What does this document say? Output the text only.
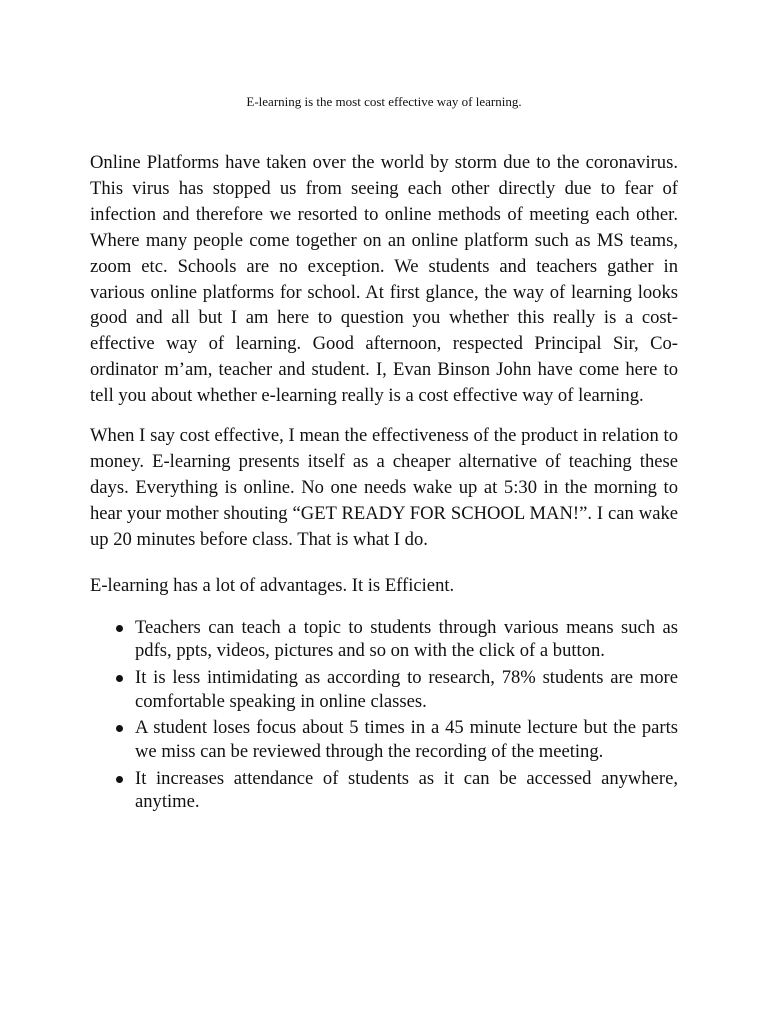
E-learning is the most cost effective way of learning.

Online Platforms have taken over the world by storm due to the coronavirus. This virus has stopped us from seeing each other directly due to fear of infection and therefore we resorted to online methods of meeting each other. Where many people come together on an online platform such as MS teams, zoom etc. Schools are no exception. We students and teachers gather in various online platforms for school. At first glance, the way of learning looks good and all but I am here to question you whether this really is a cost-effective way of learning. Good afternoon, respected Principal Sir, Co-ordinator m’am, teacher and student. I, Evan Binson John have come here to tell you about whether e-learning really is a cost effective way of learning.

When I say cost effective, I mean the effectiveness of the product in relation to money. E-learning presents itself as a cheaper alternative of teaching these days. Everything is online. No one needs wake up at 5:30 in the morning to hear your mother shouting “GET READY FOR SCHOOL MAN!”. I can wake up 20 minutes before class. That is what I do.

E-learning has a lot of advantages. It is Efficient.

Teachers can teach a topic to students through various means such as pdfs, ppts, videos, pictures and so on with the click of a button.
It is less intimidating as according to research, 78% students are more comfortable speaking in online classes.
A student loses focus about 5 times in a 45 minute lecture but the parts we miss can be reviewed through the recording of the meeting.
It increases attendance of students as it can be accessed anywhere, anytime.
